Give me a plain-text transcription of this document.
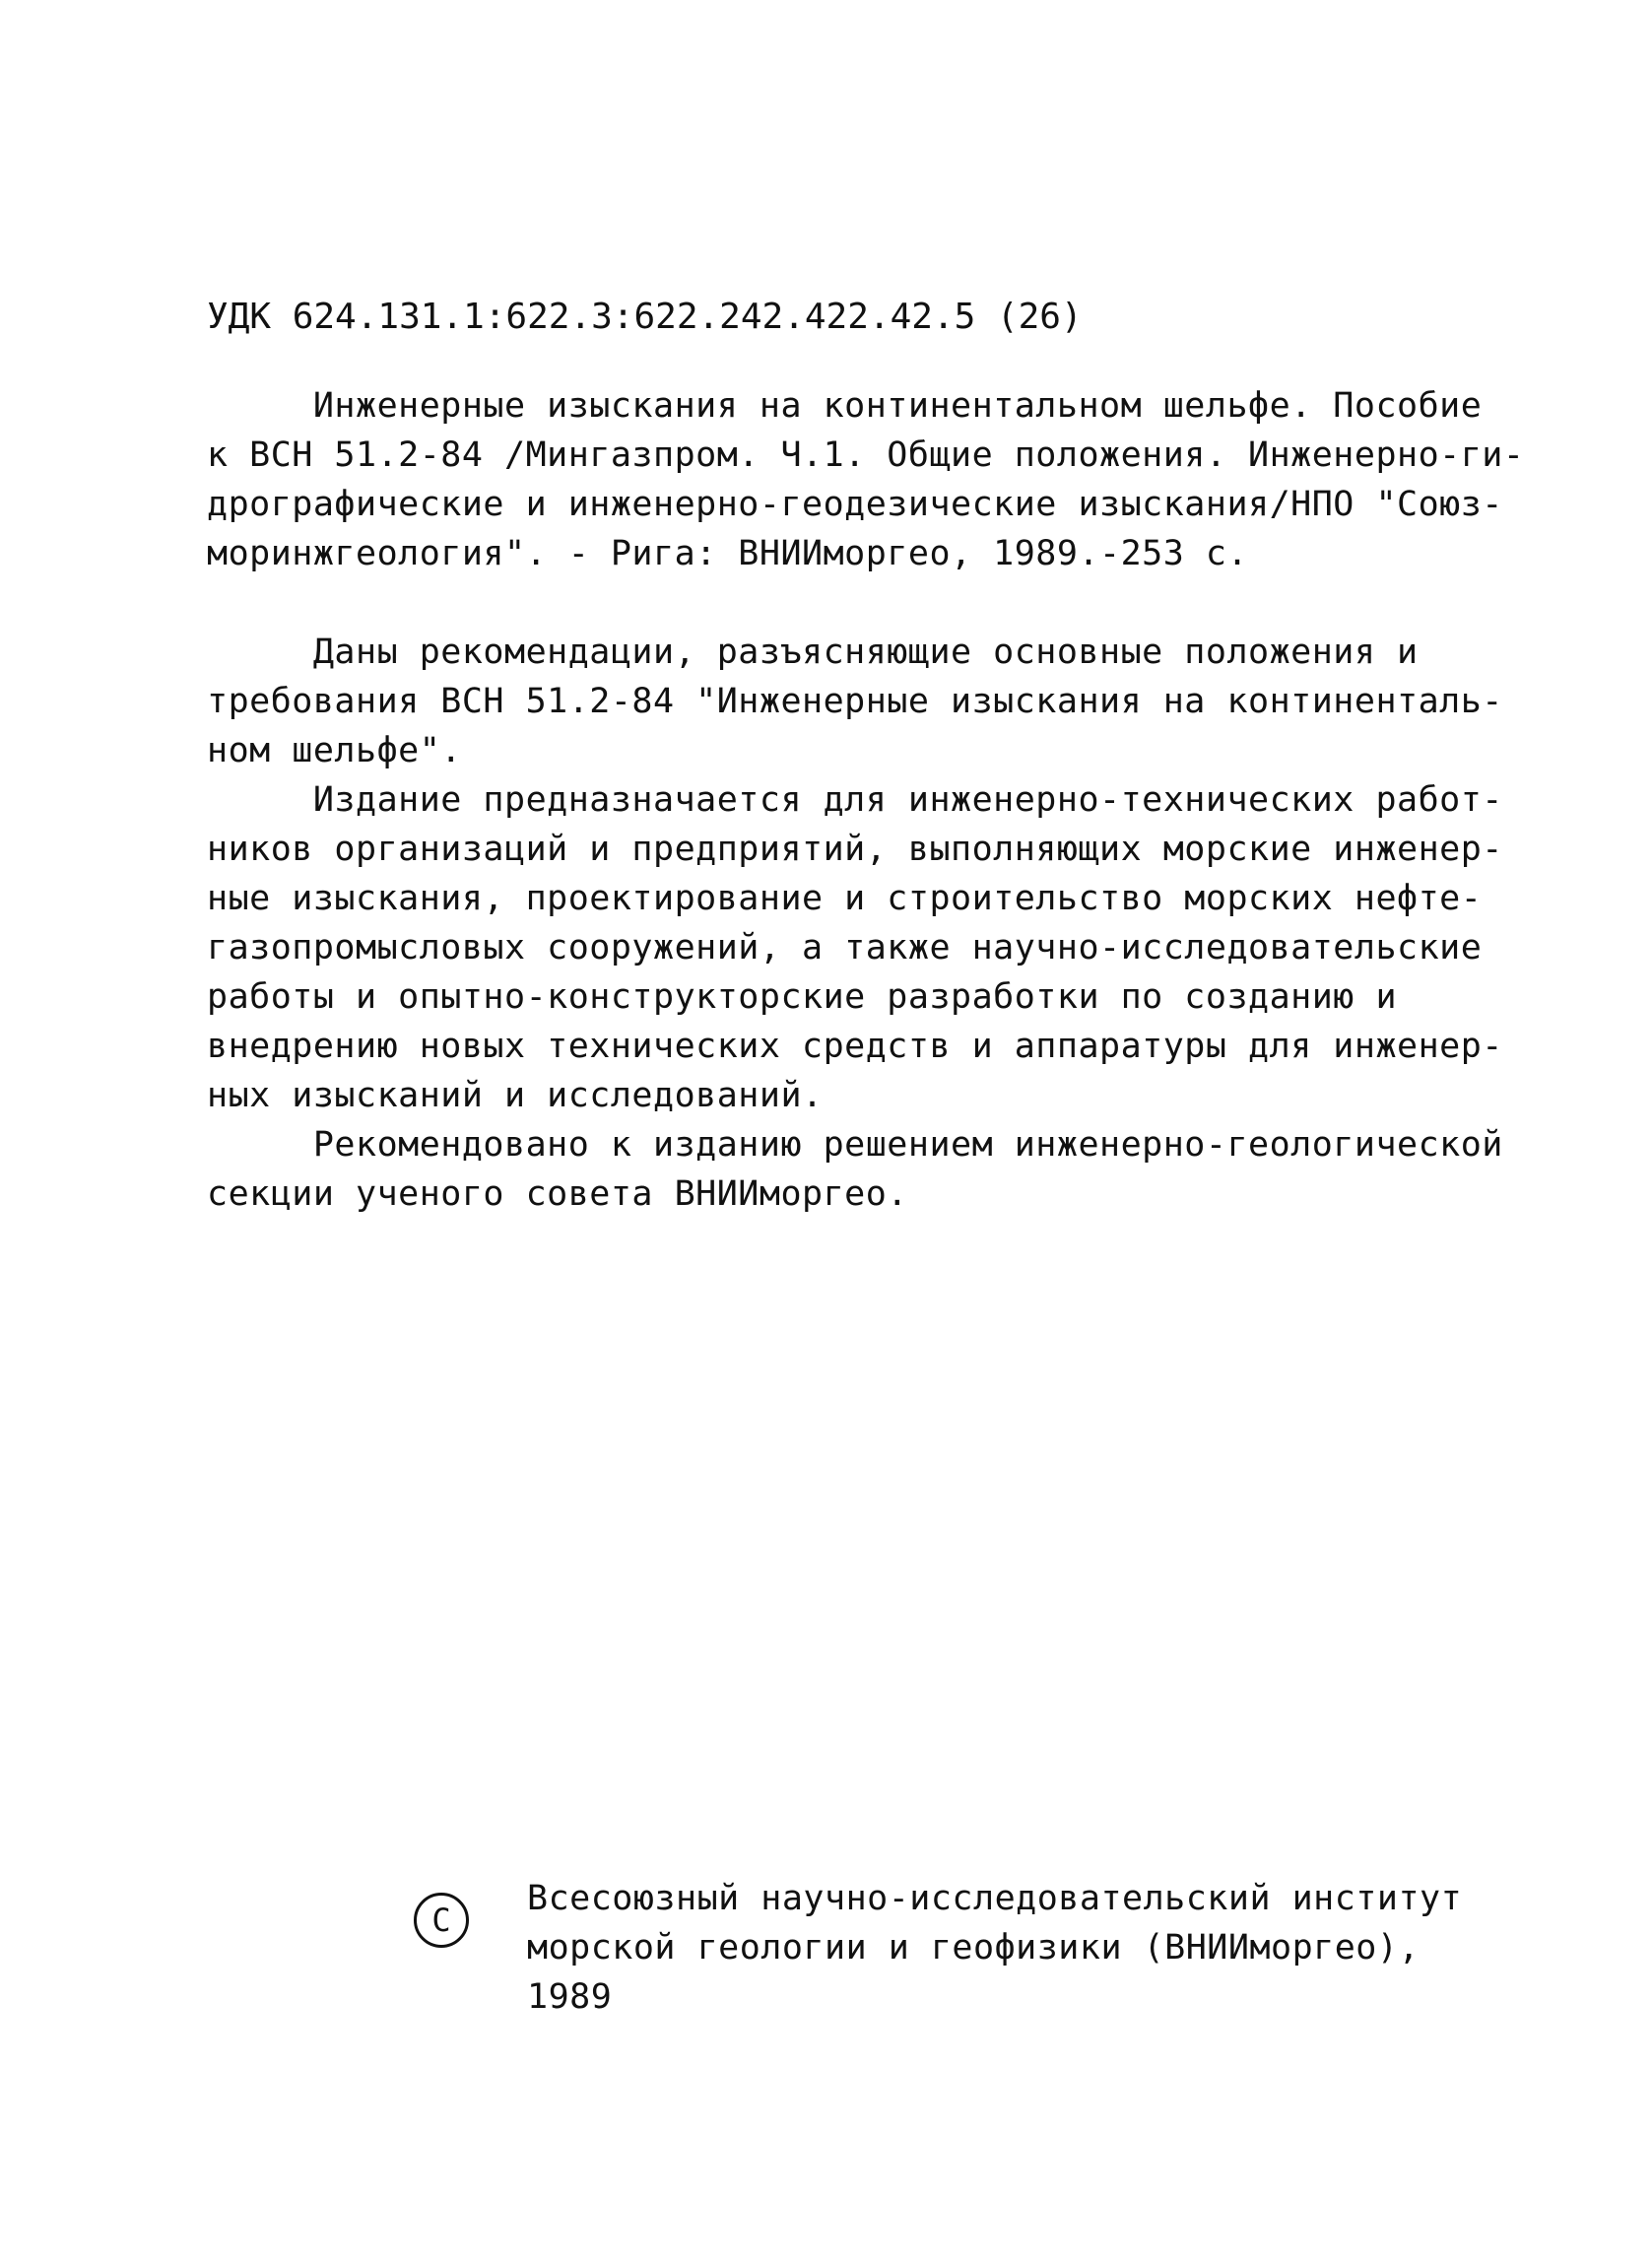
УДК 624.131.1:622.3:622.242.422.42.5 (26)
Инженерные изыскания на континентальном шельфе. Пособие
к ВСН 51.2-84 /Мингазпром. Ч.1. Общие положения. Инженерно-ги-
дрографические и инженерно-геодезические изыскания/НПО "Союз-
моринжгеология". - Рига: ВНИИморгео, 1989.-253 с.
Даны рекомендации, разъясняющие основные положения и
требования ВСН 51.2-84 "Инженерные изыскания на континенталь-
ном шельфе".
Издание предназначается для инженерно-технических работ-
ников организаций и предприятий, выполняющих морские инженер-
ные изыскания, проектирование и строительство морских нефте-
газопромысловых сооружений, а также научно-исследовательские
работы и опытно-конструкторские разработки по созданию и
внедрению новых технических средств и аппаратуры для инженер-
ных изысканий и исследований.
Рекомендовано к изданию решением инженерно-геологической
секции ученого совета ВНИИморгео.
С
Всесоюзный научно-исследовательский институт
морской геологии и геофизики (ВНИИморгео),
1989
